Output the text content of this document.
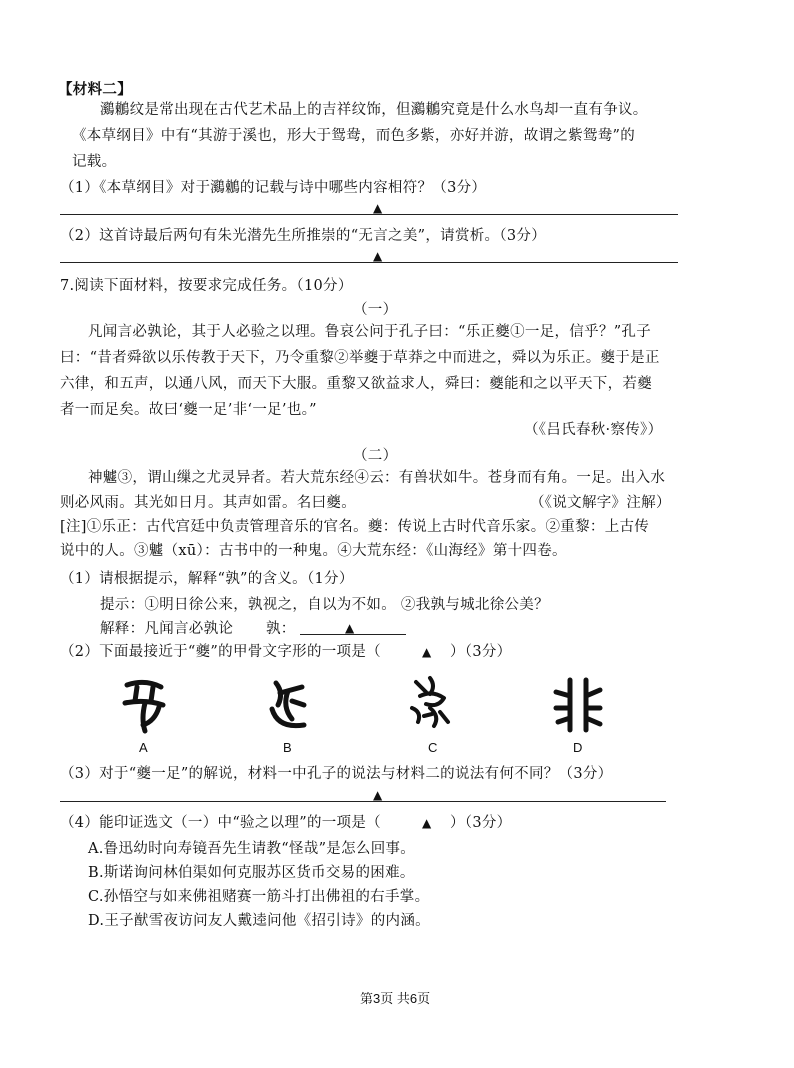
【材料二】
鸂鶒纹是常出现在古代艺术品上的吉祥纹饰，但鸂鶒究竟是什么水鸟却一直有争议。
《本草纲目》中有“其游于溪也，形大于鸳鸯，而色多紫，亦好并游，故谓之紫鸳鸯”的
记载。
（1）《本草纲目》对于鸂鶒的记载与诗中哪些内容相符？（3分）
▲
（2）这首诗最后两句有朱光潜先生所推崇的“无言之美”，请赏析。（3分）
▲
7.阅读下面材料，按要求完成任务。（10分）
（一）
凡闻言必孰论，其于人必验之以理。鲁哀公问于孔子曰：“乐正夔①一足，信乎？”孔子
曰：“昔者舜欲以乐传教于天下，乃令重黎②举夔于草莽之中而进之，舜以为乐正。夔于是正
六律，和五声，以通八风，而天下大服。重黎又欲益求人，舜曰：夔能和之以平天下，若夔
者一而足矣。故曰‘夔一足’非‘一足’也。”
（《吕氏春秋·察传》）
（二）
神魖③，谓山缫之尤灵异者。若大荒东经④云：有兽状如牛。苍身而有角。一足。出入水
则必风雨。其光如日月。其声如雷。名曰夔。	（《说文解字》注解）
[注]①乐正：古代宫廷中负责管理音乐的官名。夔：传说上古时代音乐家。②重黎：上古传
说中的人。③魖（xū）：古书中的一种鬼。④大荒东经：《山海经》第十四卷。
（1）请根据提示，解释“孰”的含义。（1分）
提示：①明日徐公来，孰视之，自以为不如。 ②我孰与城北徐公美？
解释：凡闻言必孰论 孰：	▲
（2）下面最接近于“夔”的甲骨文字形的一项是（	▲ ）（3分）
A	B	C	D
（3）对于“夔一足”的解说，材料一中孔子的说法与材料二的说法有何不同？（3分）
▲
（4）能印证选文（一）中“验之以理”的一项是（	▲ ）（3分）
A.鲁迅幼时向寿镜吾先生请教“怪哉”是怎么回事。
B.斯诺询问林伯渠如何克服苏区货币交易的困难。
C.孙悟空与如来佛祖赌赛一筋斗打出佛祖的右手掌。
D.王子猷雪夜访问友人戴逵问他《招引诗》的内涵。
第3页 共6页
